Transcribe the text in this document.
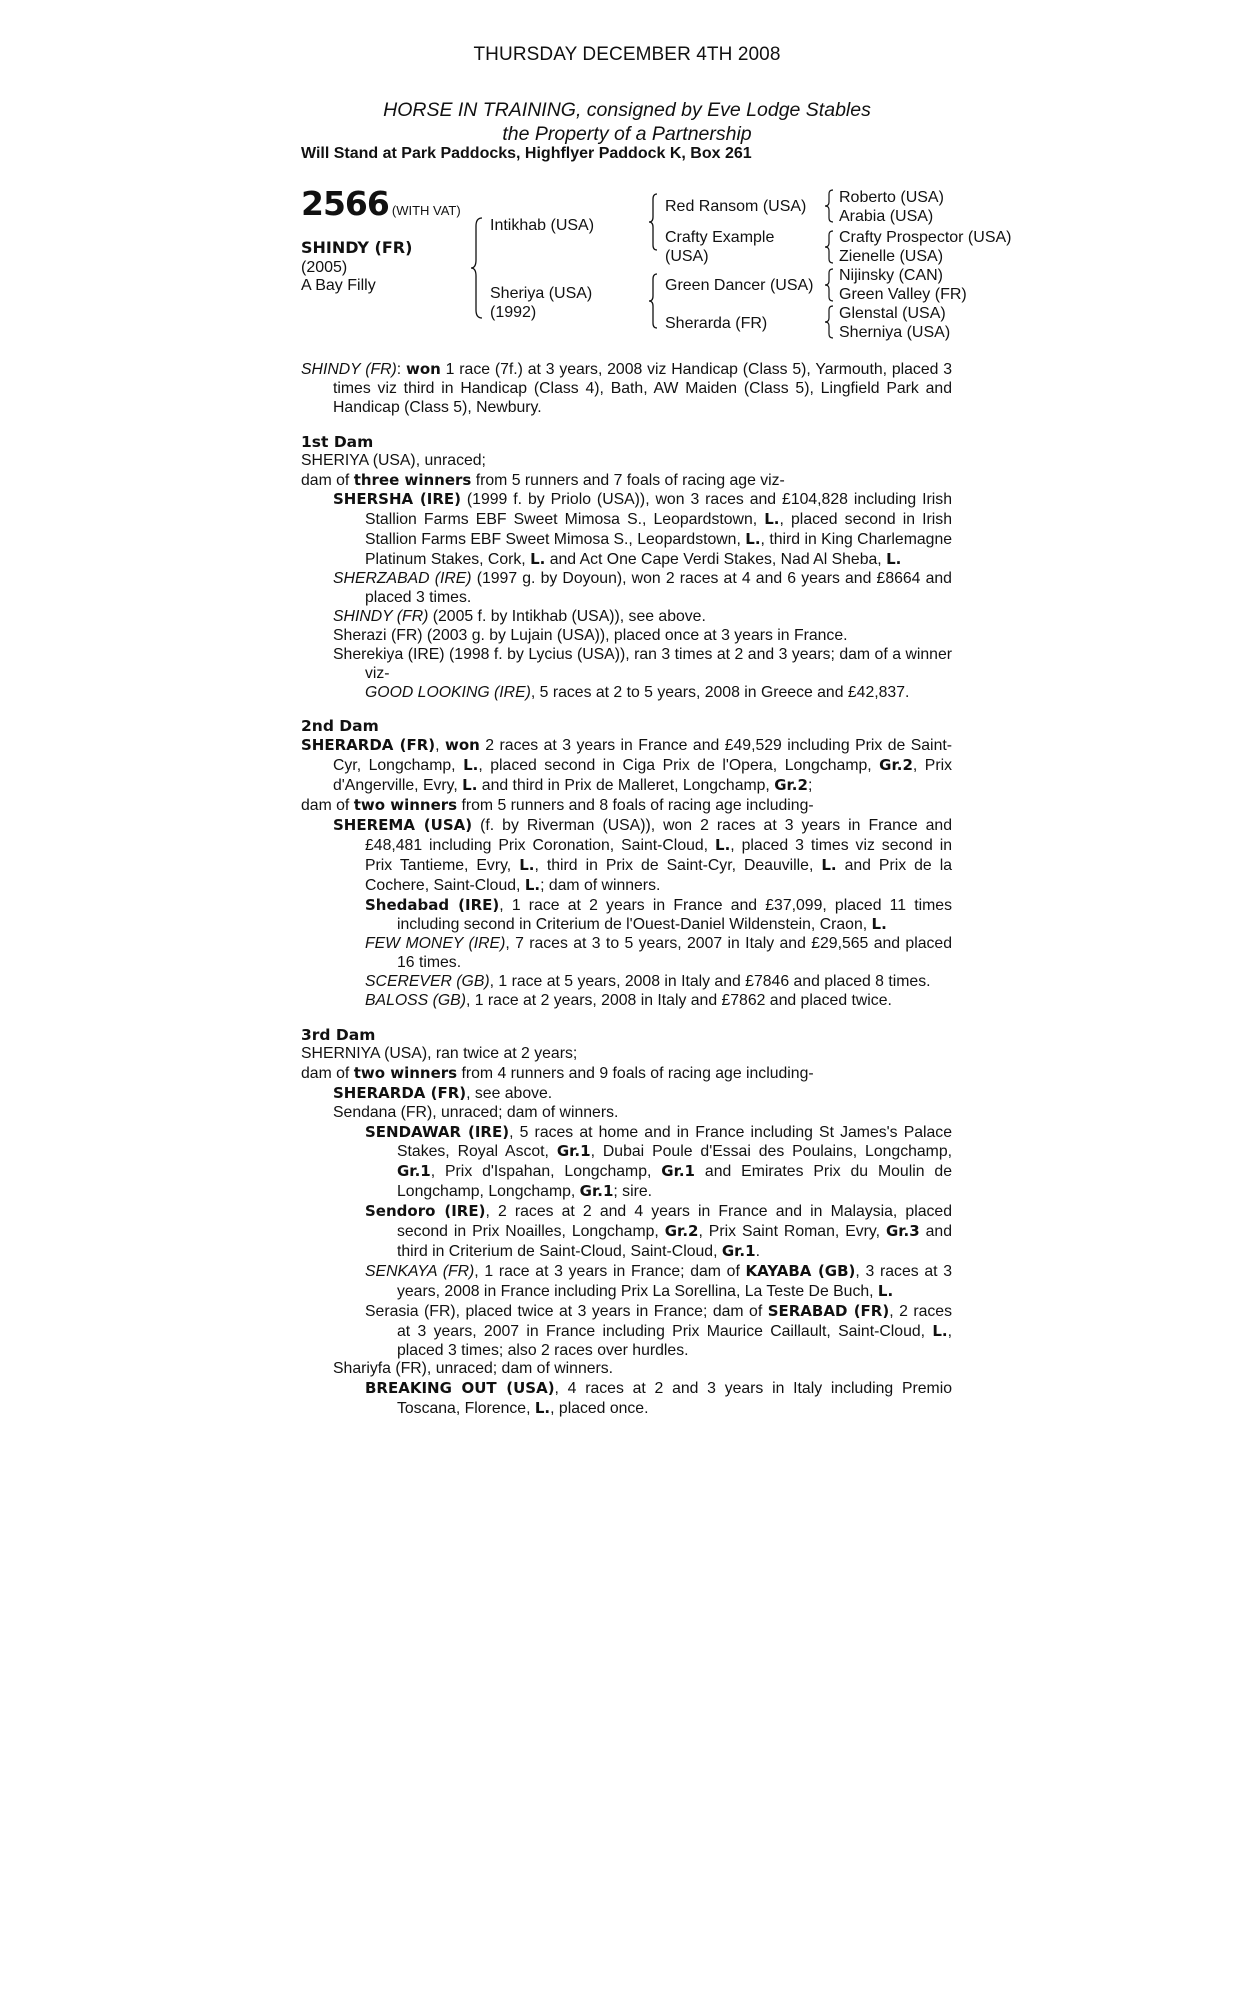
THURSDAY DECEMBER 4TH 2008
HORSE IN TRAINING, consigned by Eve Lodge Stables
the Property of a Partnership
Will Stand at Park Paddocks, Highflyer Paddock K, Box 261
2566 (WITH VAT)
SHINDY (FR)
(2005)
A Bay Filly
Intikhab (USA)
Sheriya (USA)
(1992)
Red Ransom (USA)
Crafty Example
(USA)
Green Dancer (USA)
Sherarda (FR)
Roberto (USA)
Arabia (USA)
Crafty Prospector (USA)
Zienelle (USA)
Nijinsky (CAN)
Green Valley (FR)
Glenstal (USA)
Sherniya (USA)
SHINDY (FR): won 1 race (7f.) at 3 years, 2008 viz Handicap (Class 5), Yarmouth, placed 3 times viz third in Handicap (Class 4), Bath, AW Maiden (Class 5), Lingfield Park and Handicap (Class 5), Newbury.
1st Dam
SHERIYA (USA), unraced;
dam of three winners from 5 runners and 7 foals of racing age viz-
SHERSHA (IRE) (1999 f. by Priolo (USA)), won 3 races and £104,828 including Irish Stallion Farms EBF Sweet Mimosa S., Leopardstown, L., placed second in Irish Stallion Farms EBF Sweet Mimosa S., Leopardstown, L., third in King Charlemagne Platinum Stakes, Cork, L. and Act One Cape Verdi Stakes, Nad Al Sheba, L.
SHERZABAD (IRE) (1997 g. by Doyoun), won 2 races at 4 and 6 years and £8664 and placed 3 times.
SHINDY (FR) (2005 f. by Intikhab (USA)), see above.
Sherazi (FR) (2003 g. by Lujain (USA)), placed once at 3 years in France.
Sherekiya (IRE) (1998 f. by Lycius (USA)), ran 3 times at 2 and 3 years; dam of a winner viz-
GOOD LOOKING (IRE), 5 races at 2 to 5 years, 2008 in Greece and £42,837.
2nd Dam
SHERARDA (FR), won 2 races at 3 years in France and £49,529 including Prix de Saint-Cyr, Longchamp, L., placed second in Ciga Prix de l'Opera, Longchamp, Gr.2, Prix d'Angerville, Evry, L. and third in Prix de Malleret, Longchamp, Gr.2;
dam of two winners from 5 runners and 8 foals of racing age including-
SHEREMA (USA) (f. by Riverman (USA)), won 2 races at 3 years in France and £48,481 including Prix Coronation, Saint-Cloud, L., placed 3 times viz second in Prix Tantieme, Evry, L., third in Prix de Saint-Cyr, Deauville, L. and Prix de la Cochere, Saint-Cloud, L.; dam of winners.
Shedabad (IRE), 1 race at 2 years in France and £37,099, placed 11 times including second in Criterium de l'Ouest-Daniel Wildenstein, Craon, L.
FEW MONEY (IRE), 7 races at 3 to 5 years, 2007 in Italy and £29,565 and placed 16 times.
SCEREVER (GB), 1 race at 5 years, 2008 in Italy and £7846 and placed 8 times.
BALOSS (GB), 1 race at 2 years, 2008 in Italy and £7862 and placed twice.
3rd Dam
SHERNIYA (USA), ran twice at 2 years;
dam of two winners from 4 runners and 9 foals of racing age including-
SHERARDA (FR), see above.
Sendana (FR), unraced; dam of winners.
SENDAWAR (IRE), 5 races at home and in France including St James's Palace Stakes, Royal Ascot, Gr.1, Dubai Poule d'Essai des Poulains, Longchamp, Gr.1, Prix d'Ispahan, Longchamp, Gr.1 and Emirates Prix du Moulin de Longchamp, Longchamp, Gr.1; sire.
Sendoro (IRE), 2 races at 2 and 4 years in France and in Malaysia, placed second in Prix Noailles, Longchamp, Gr.2, Prix Saint Roman, Evry, Gr.3 and third in Criterium de Saint-Cloud, Saint-Cloud, Gr.1.
SENKAYA (FR), 1 race at 3 years in France; dam of KAYABA (GB), 3 races at 3 years, 2008 in France including Prix La Sorellina, La Teste De Buch, L.
Serasia (FR), placed twice at 3 years in France; dam of SERABAD (FR), 2 races at 3 years, 2007 in France including Prix Maurice Caillault, Saint-Cloud, L., placed 3 times; also 2 races over hurdles.
Shariyfa (FR), unraced; dam of winners.
BREAKING OUT (USA), 4 races at 2 and 3 years in Italy including Premio Toscana, Florence, L., placed once.
